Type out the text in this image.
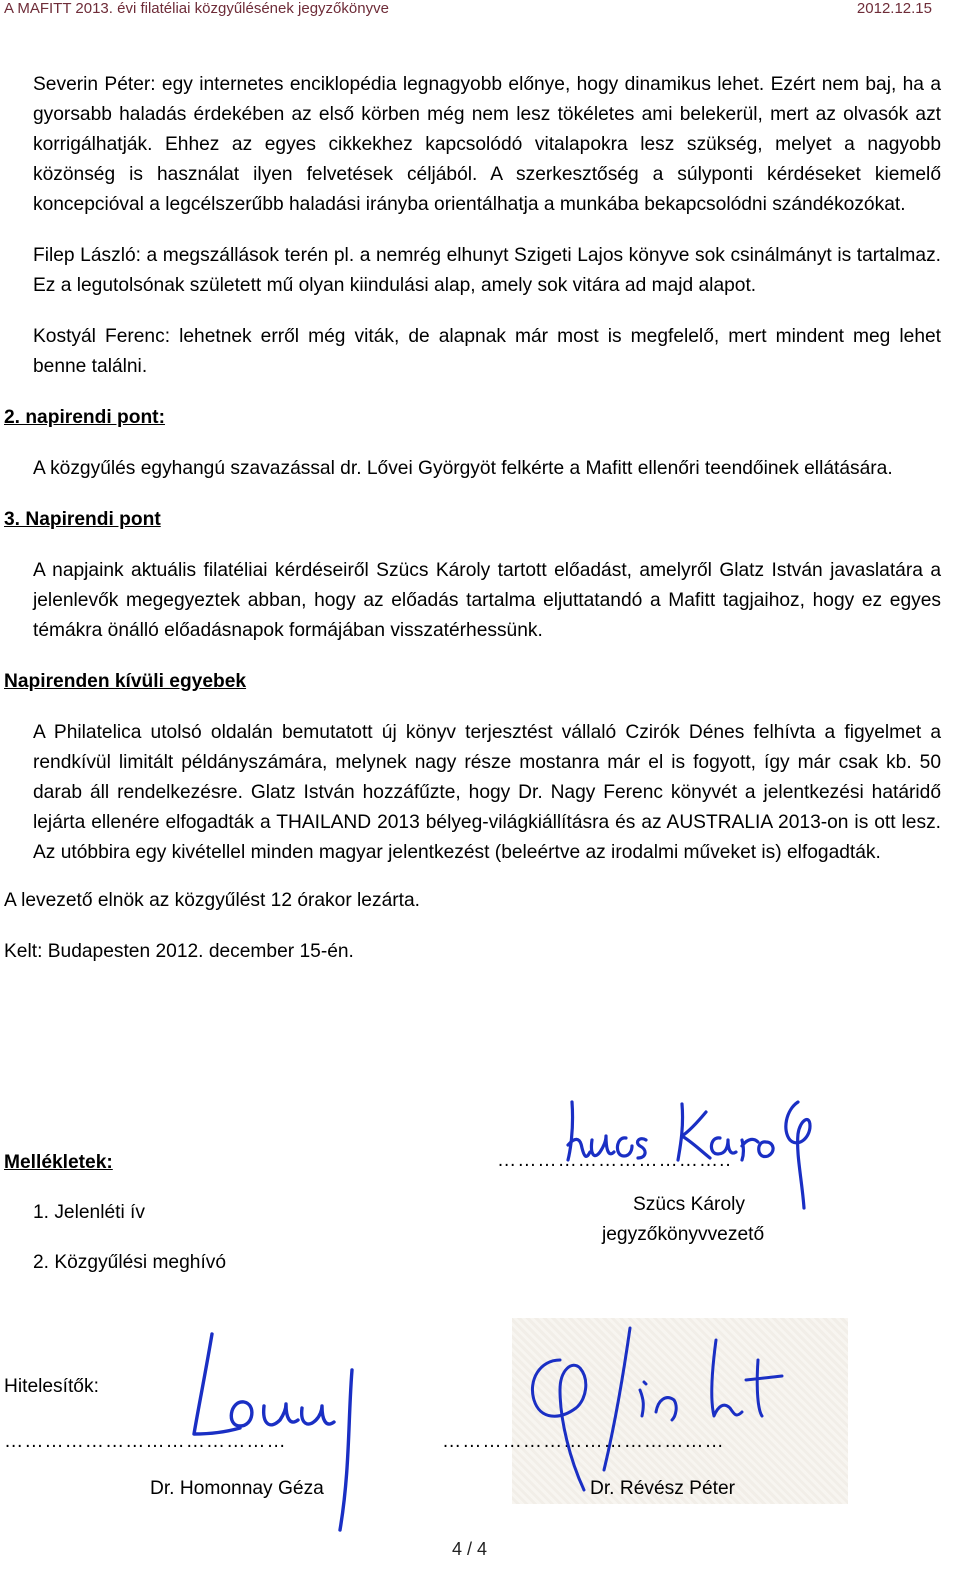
A MAFITT 2013. évi filatéliai közgyűlésének jegyzőkönyve	2012.12.15

Severin Péter: egy internetes enciklopédia legnagyobb előnye, hogy dinamikus lehet. Ezért nem baj, ha a gyorsabb haladás érdekében az első körben még nem lesz tökéletes ami belekerül, mert az olvasók azt korrigálhatják. Ehhez az egyes cikkekhez kapcsolódó vitalapokra lesz szükség, melyet a nagyobb közönség is használat ilyen felvetések céljából. A szerkesztőség a súlyponti kérdéseket kiemelő koncepcióval a legcélszerűbb haladási irányba orientálhatja a munkába bekapcsolódni szándékozókat.

Filep László: a megszállások terén pl. a nemrég elhunyt Szigeti Lajos könyve sok csinálmányt is tartalmaz. Ez a legutolsónak született mű olyan kiindulási alap, amely sok vitára ad majd alapot.

Kostyál Ferenc: lehetnek erről még viták, de alapnak már most is megfelelő, mert mindent meg lehet benne találni.

2. napirendi pont:

A közgyűlés egyhangú szavazással dr. Lővei Györgyöt felkérte a Mafitt ellenőri teendőinek ellátására.

3. Napirendi pont

A napjaink aktuális filatéliai kérdéseiről Szücs Károly tartott előadást, amelyről Glatz István javaslatára a jelenlevők megegyeztek abban, hogy az előadás tartalma eljuttatandó a Mafitt tagjaihoz, hogy ez egyes témákra önálló előadásnapok formájában visszatérhessünk.

Napirenden kívüli egyebek

A Philatelica utolsó oldalán bemutatott új könyv terjesztést vállaló Czirók Dénes felhívta a figyelmet a rendkívül limitált példányszámára, melynek nagy része mostanra már el is fogyott, így már csak kb. 50 darab áll rendelkezésre. Glatz István hozzáfűzte, hogy Dr. Nagy Ferenc könyvét a jelentkezési határidő lejárta ellenére elfogadták a THAILAND 2013 bélyeg-világkiállításra és az AUSTRALIA 2013-on is ott lesz. Az utóbbira egy kivétellel minden magyar jelentkezést (beleértve az irodalmi műveket is) elfogadták.

A levezető elnök az közgyűlést 12 órakor lezárta.

Kelt: Budapesten 2012. december 15-én.

Mellékletek:
1. Jelenléti ív
2. Közgyűlési meghívó
……………………………..
Szücs Károly
jegyzőkönyvvezető
Hitelesítők:
……………………………………	……………………………………
Dr. Homonnay Géza	Dr. Révész Péter
4 / 4
